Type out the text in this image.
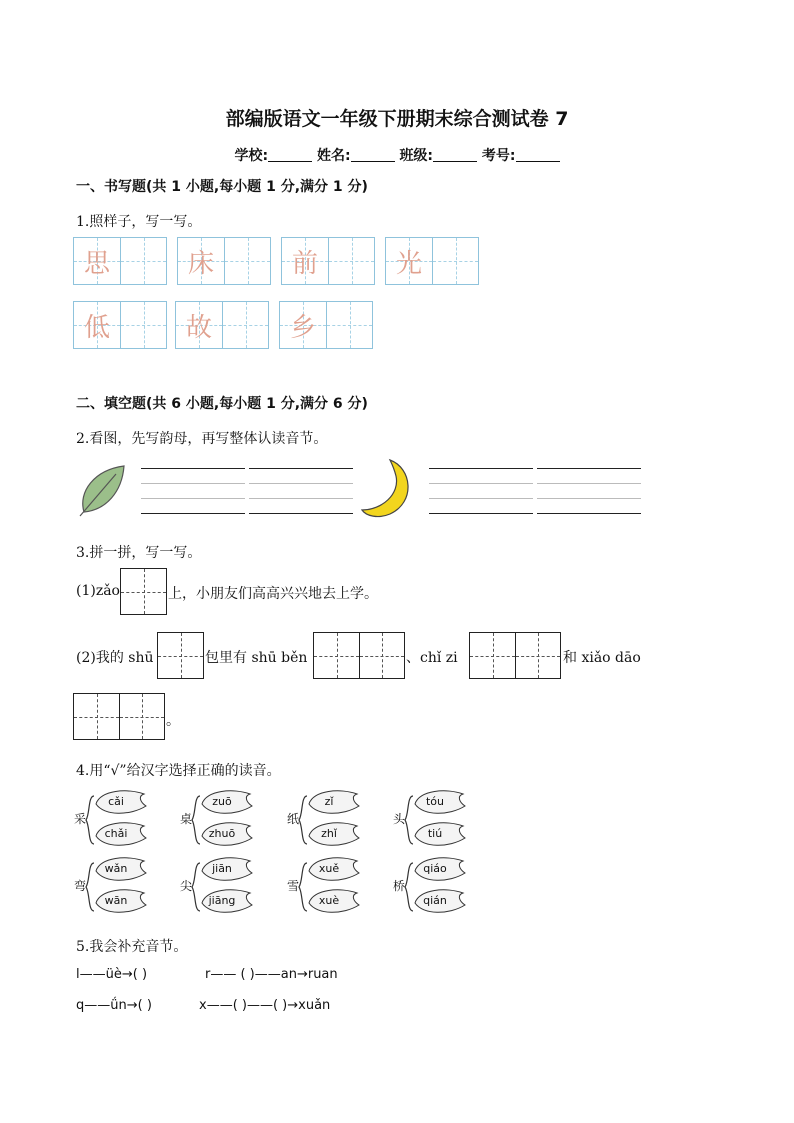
部编版语文一年级下册期末综合测试卷 7
学校:	姓名:	班级:	考号:
一、书写题(共 1 小题,每小题 1 分,满分 1 分)
1.照样子，写一写。
思	床	前	光
低	故	乡
二、填空题(共 6 小题,每小题 1 分,满分 6 分)
2.看图，先写韵母，再写整体认读音节。
3.拼一拼，写一写。
(1)zǎo	上，小朋友们高高兴兴地去上学。
(2)我的 shū	包里有 shū běn	、chǐ zi	和 xiǎo dāo
。
4.用“√”给汉字选择正确的读音。
采
cǎi
chǎi
桌
zuō
zhuō
纸
zǐ
zhǐ
头
tóu
tiú
弯
wǎn
wān
尖
jiān
jiāng
雪
xuě
xuè
桥
qiáo
qián
5.我会补充音节。
l——üè→( )	r—— ( )——an→ruan
q——ǘn→( )	x——( )——( )→xuǎn
